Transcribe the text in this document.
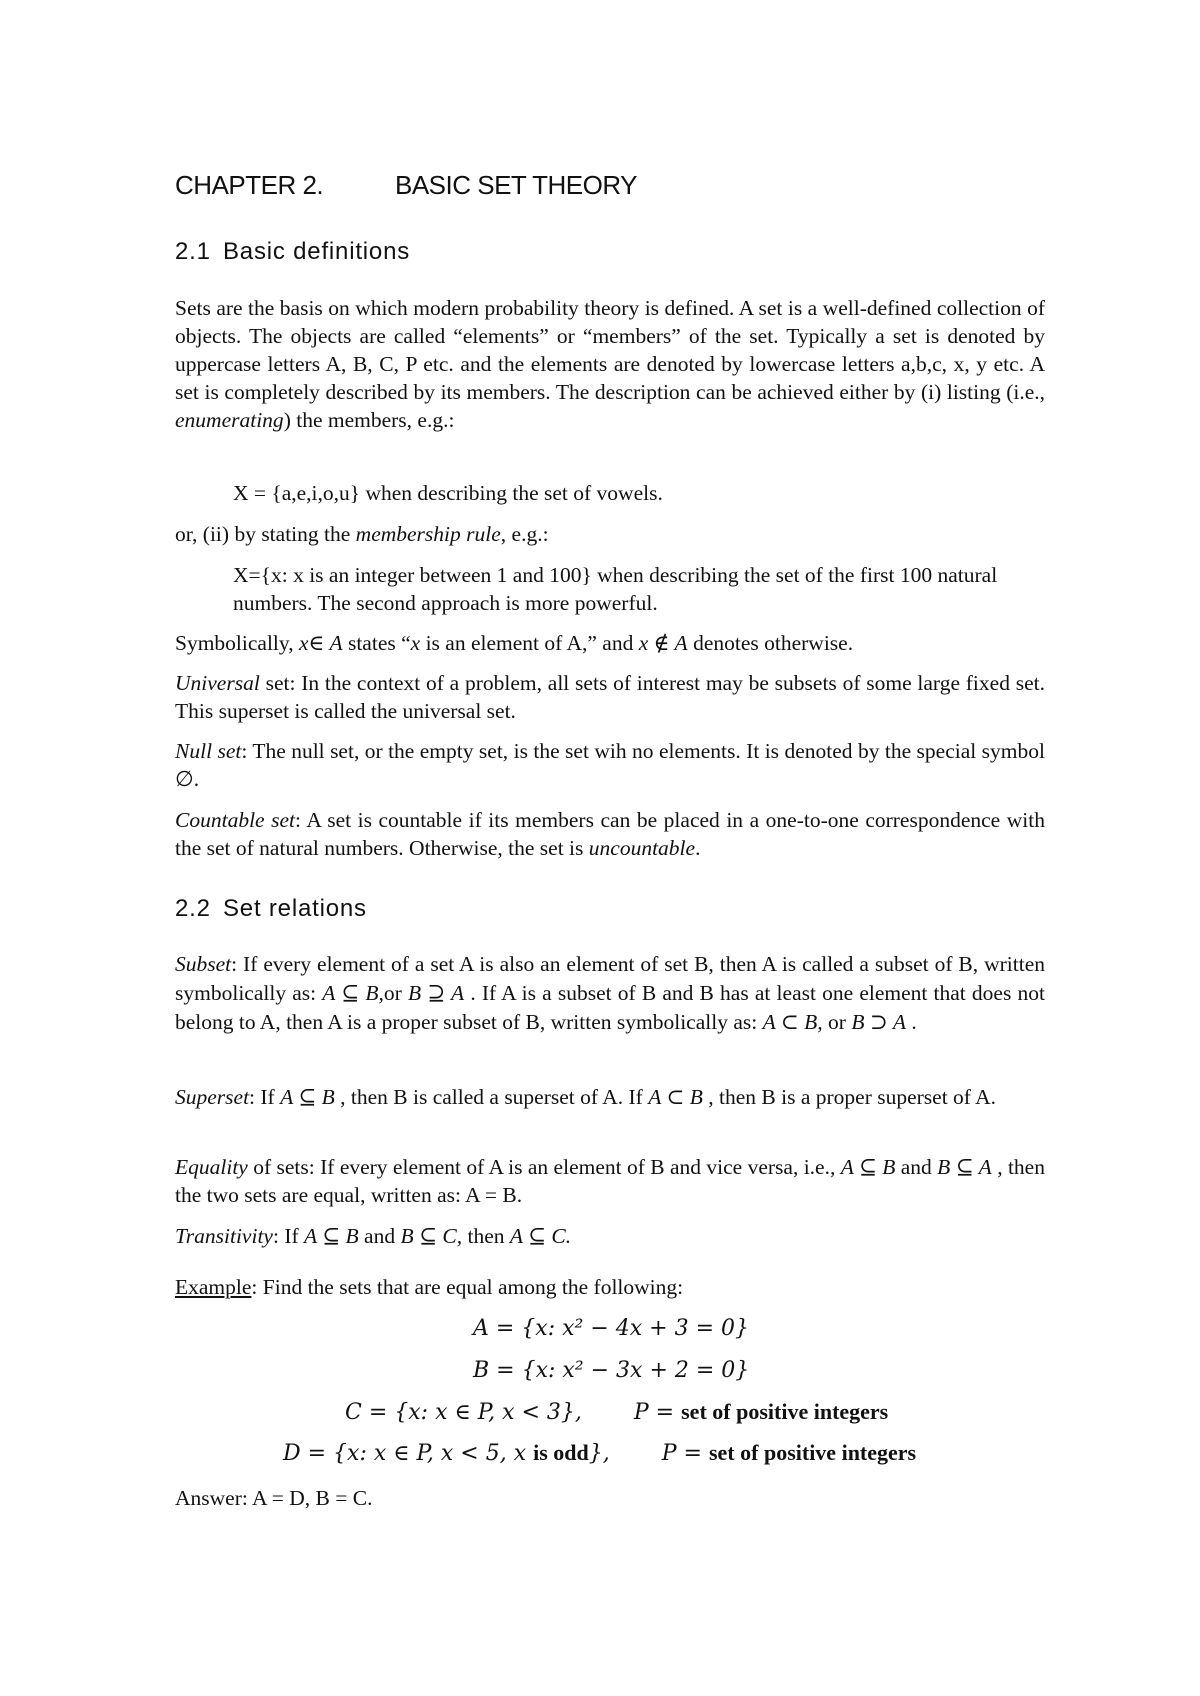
CHAPTER 2.	BASIC SET THEORY
2.1 Basic definitions

Sets are the basis on which modern probability theory is defined. A set is a well-defined collection of objects. The objects are called “elements” or “members” of the set. Typically a set is denoted by uppercase letters A, B, C, P etc. and the elements are denoted by lowercase letters a,b,c, x, y etc. A set is completely described by its members. The description can be achieved either by (i) listing (i.e., enumerating) the members, e.g.:

X = {a,e,i,o,u} when describing the set of vowels.
or, (ii) by stating the membership rule, e.g.:
X={x: x is an integer between 1 and 100} when describing the set of the first 100 natural numbers. The second approach is more powerful.
Symbolically, x∈ A states “x is an element of A,” and x ∉ A denotes otherwise.
Universal set: In the context of a problem, all sets of interest may be subsets of some large fixed set. This superset is called the universal set.
Null set: The null set, or the empty set, is the set wih no elements. It is denoted by the special symbol ∅.
Countable set: A set is countable if its members can be placed in a one-to-one correspondence with the set of natural numbers. Otherwise, the set is uncountable.
2.2 Set relations
Subset: If every element of a set A is also an element of set B, then A is called a subset of B, written symbolically as: A ⊆ B,or B ⊇ A . If A is a subset of B and B has at least one element that does not belong to A, then A is a proper subset of B, written symbolically as: A ⊂ B, or B ⊃ A .
Superset: If A ⊆ B , then B is called a superset of A. If A ⊂ B , then B is a proper superset of A.
Equality of sets: If every element of A is an element of B and vice versa, i.e., A ⊆ B and B ⊆ A , then the two sets are equal, written as: A = B.
Transitivity: If A ⊆ B and B ⊆ C, then A ⊆ C.
Example: Find the sets that are equal among the following:
A = {x: x² − 4x + 3 = 0}
B = {x: x² − 3x + 2 = 0}
C = {x: x ∈ P, x < 3}, P = set of positive integers
D = {x: x ∈ P, x < 5, x is odd}, P = set of positive integers
Answer: A = D, B = C.
